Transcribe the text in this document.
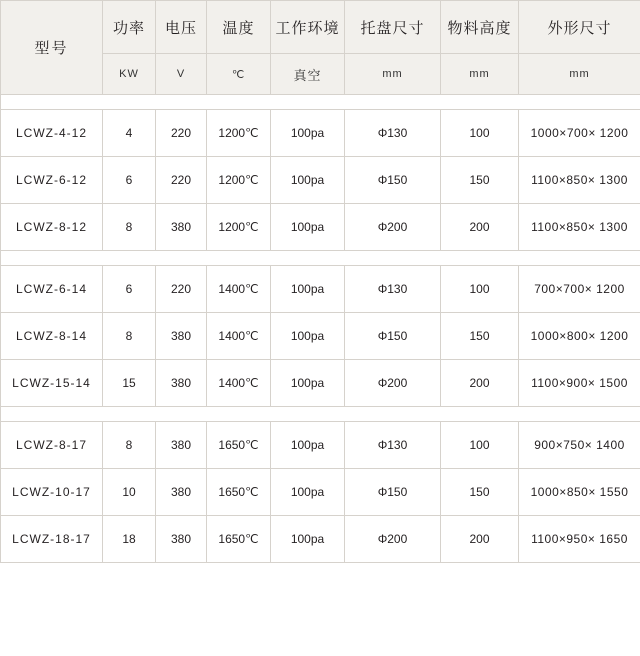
型号	功率	电压	温度	工作环境	托盘尺寸	物料高度	外形尺寸
	KW	V	℃	真空	mm	mm	mm

LCWZ-4-12	4	220	1200℃	100pa	Φ130	100	1000×700× 1200
LCWZ-6-12	6	220	1200℃	100pa	Φ150	150	1100×850× 1300
LCWZ-8-12	8	380	1200℃	100pa	Φ200	200	1100×850× 1300

LCWZ-6-14	6	220	1400℃	100pa	Φ130	100	700×700× 1200
LCWZ-8-14	8	380	1400℃	100pa	Φ150	150	1000×800× 1200
LCWZ-15-14	15	380	1400℃	100pa	Φ200	200	1100×900× 1500

LCWZ-8-17	8	380	1650℃	100pa	Φ130	100	900×750× 1400
LCWZ-10-17	10	380	1650℃	100pa	Φ150	150	1000×850× 1550
LCWZ-18-17	18	380	1650℃	100pa	Φ200	200	1100×950× 1650
